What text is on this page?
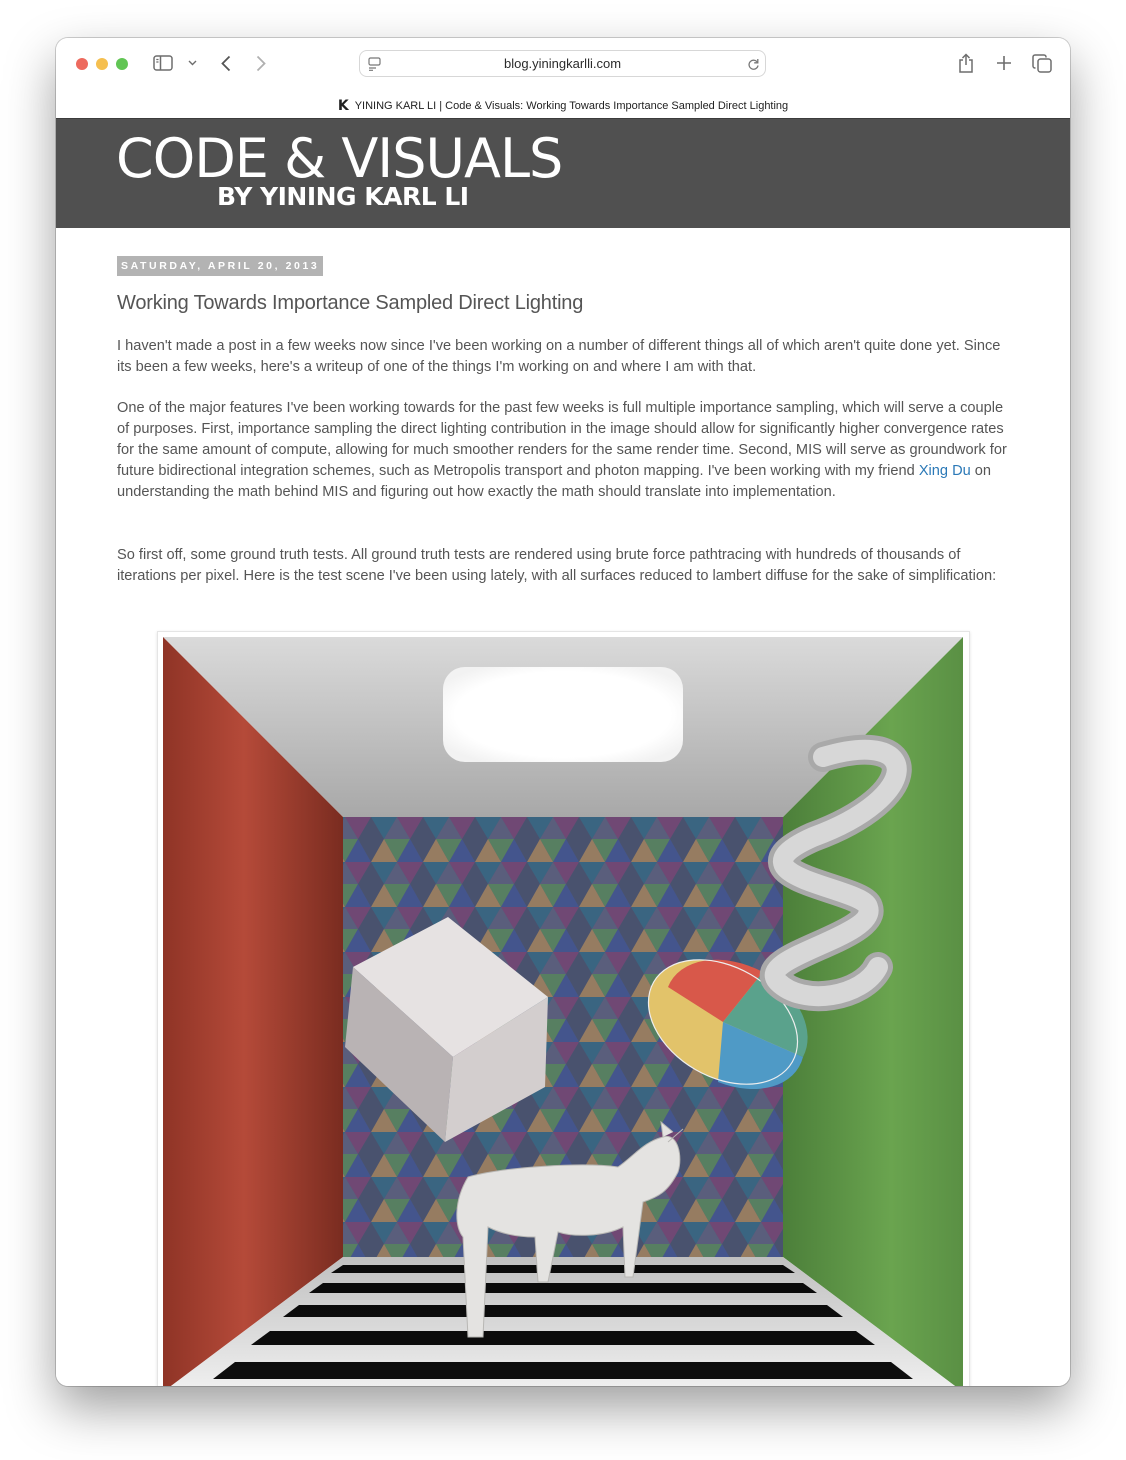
blog.yiningkarlli.com
K YINING KARL LI | Code & Visuals: Working Towards Importance Sampled Direct Lighting
CODE & VISUALS
BY YINING KARL LI
SATURDAY, APRIL 20, 2013
Working Towards Importance Sampled Direct Lighting

I haven't made a post in a few weeks now since I've been working on a number of different things all of which aren't quite done yet. Since its been a few weeks, here's a writeup of one of the things I'm working on and where I am with that.

One of the major features I've been working towards for the past few weeks is full multiple importance sampling, which will serve a couple of purposes. First, importance sampling the direct lighting contribution in the image should allow for significantly higher convergence rates for the same amount of compute, allowing for much smoother renders for the same render time. Second, MIS will serve as groundwork for future bidirectional integration schemes, such as Metropolis transport and photon mapping. I've been working with my friend Xing Du on understanding the math behind MIS and figuring out how exactly the math should translate into implementation.

So first off, some ground truth tests. All ground truth tests are rendered using brute force pathtracing with hundreds of thousands of iterations per pixel. Here is the test scene I've been using lately, with all surfaces reduced to lambert diffuse for the sake of simplification:
